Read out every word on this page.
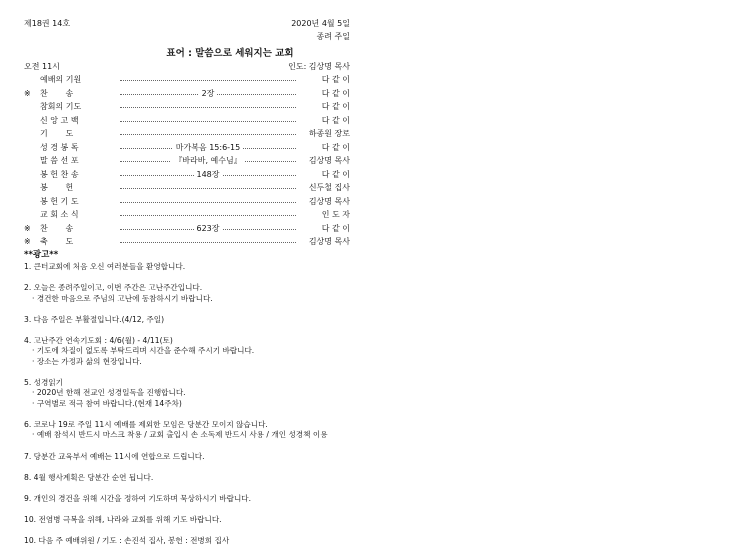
제18권 14호	2020년 4월 5일
종려 주일
표어 : 말씀으로 세워지는 교회
오전 11시	인도: 김상명 목사
예배의 기원	다 같 이
※	찬       송	2장	다 같 이
참회의 기도	다 같 이
신 앙 고 백	다 같 이
기       도	하종원 장로
성 경 봉 독	마가복음 15:6-15	다 같 이
말 씀 선 포	『바라바, 예수님』	김상명 목사
봉 헌 찬 송	148장	다 같 이
봉       헌	신두철 집사
봉 헌 기 도	김상명 목사
교 회 소 식	인 도 자
※	찬       송	623장	다 같 이
※	축       도	김상명 목사
**광고**
1. 큰터교회에 처음 오신 여러분들을 환영합니다.
2. 오늘은 종려주일이고, 이번 주간은 고난주간입니다.
· 경건한 마음으로 주님의 고난에 동참하시기 바랍니다.
3. 다음 주일은 부활절입니다.(4/12, 주일)
4. 고난주간 연속기도회 : 4/6(월) - 4/11(토)
· 기도에 차질이 없도록 부탁드리며 시간을 준수해 주시기 바랍니다.
· 장소는 가정과 삶의 현장입니다.
5. 성경읽기
· 2020년 한해 전교인 성경일독을 진행합니다.
· 구역별로 적극 참여 바랍니다.(현재 14주차)
6. 코로나 19로 주일 11시 예배를 제외한 모임은 당분간 모이지 않습니다.
· 예배 참석시 반드시 마스크 착용 / 교회 출입시 손 소독제 반드시 사용 / 개인 성경책 이용
7. 당분간 교육부서 예배는 11시에 연합으로 드립니다.
8. 4월 행사계획은 당분간 순연 됩니다.
9. 개인의 경건을 위해 시간을 정하여 기도하며 묵상하시기 바랍니다.
10. 전염병 극복을 위해, 나라와 교회를 위해 기도 바랍니다.
10. 다음 주 예배위원 / 기도 : 손진석 집사, 봉헌 : 전병희 집사
